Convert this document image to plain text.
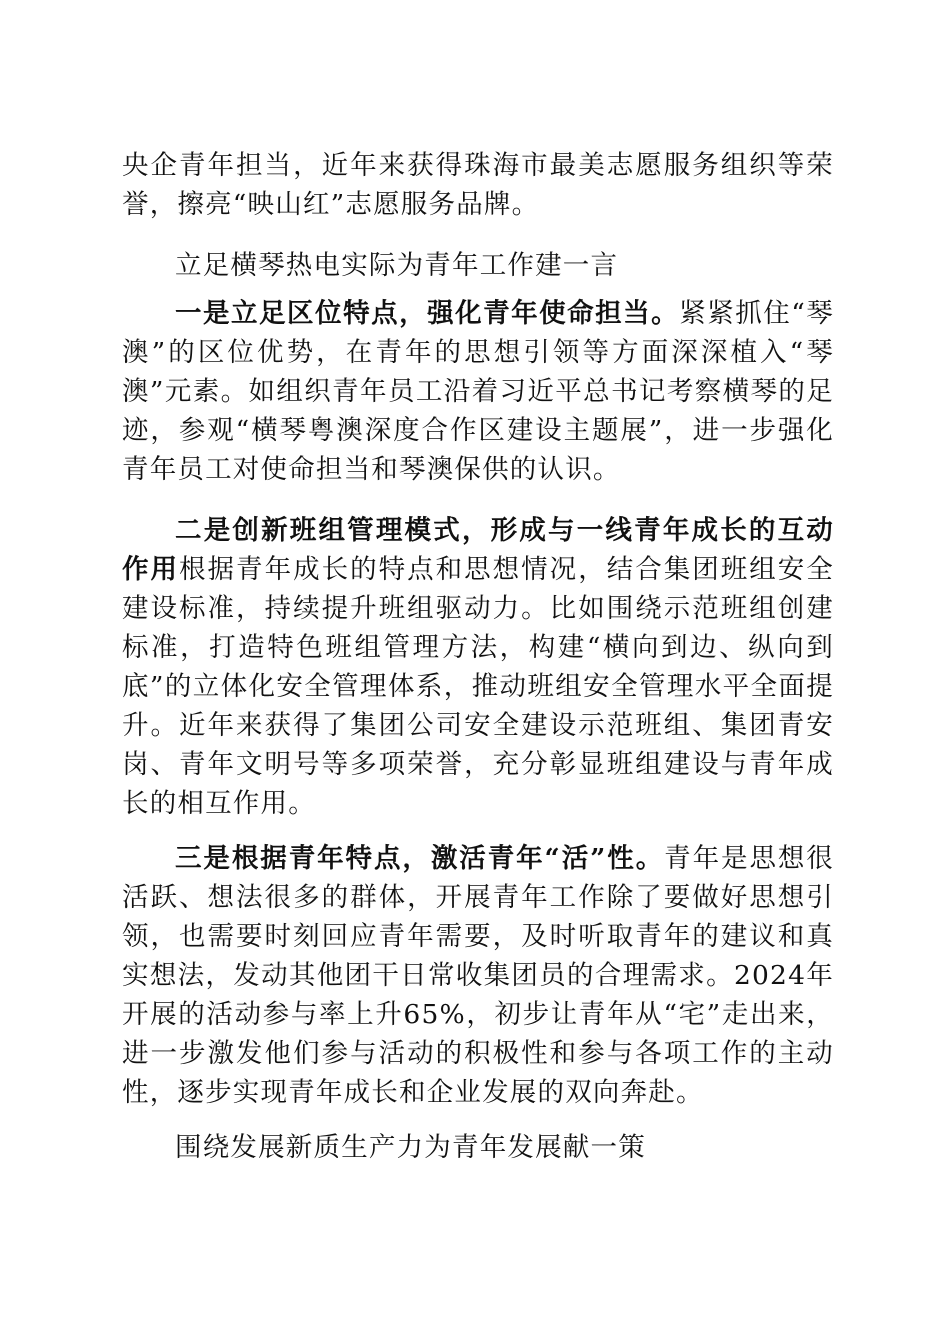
央企青年担当，近年来获得珠海市最美志愿服务组织等荣誉，擦亮“映山红”志愿服务品牌。

立足横琴热电实际为青年工作建一言

一是立足区位特点，强化青年使命担当。紧紧抓住“琴澳”的区位优势，在青年的思想引领等方面深深植入“琴澳”元素。如组织青年员工沿着习近平总书记考察横琴的足迹，参观“横琴粤澳深度合作区建设主题展”，进一步强化青年员工对使命担当和琴澳保供的认识。

二是创新班组管理模式，形成与一线青年成长的互动作用根据青年成长的特点和思想情况，结合集团班组安全建设标准，持续提升班组驱动力。比如围绕示范班组创建标准，打造特色班组管理方法，构建“横向到边、纵向到底”的立体化安全管理体系，推动班组安全管理水平全面提升。近年来获得了集团公司安全建设示范班组、集团青安岗、青年文明号等多项荣誉，充分彰显班组建设与青年成长的相互作用。

三是根据青年特点，激活青年“活”性。青年是思想很活跃、想法很多的群体，开展青年工作除了要做好思想引领，也需要时刻回应青年需要，及时听取青年的建议和真实想法，发动其他团干日常收集团员的合理需求。2024年开展的活动参与率上升65%，初步让青年从“宅”走出来，进一步激发他们参与活动的积极性和参与各项工作的主动性，逐步实现青年成长和企业发展的双向奔赴。

围绕发展新质生产力为青年发展献一策
